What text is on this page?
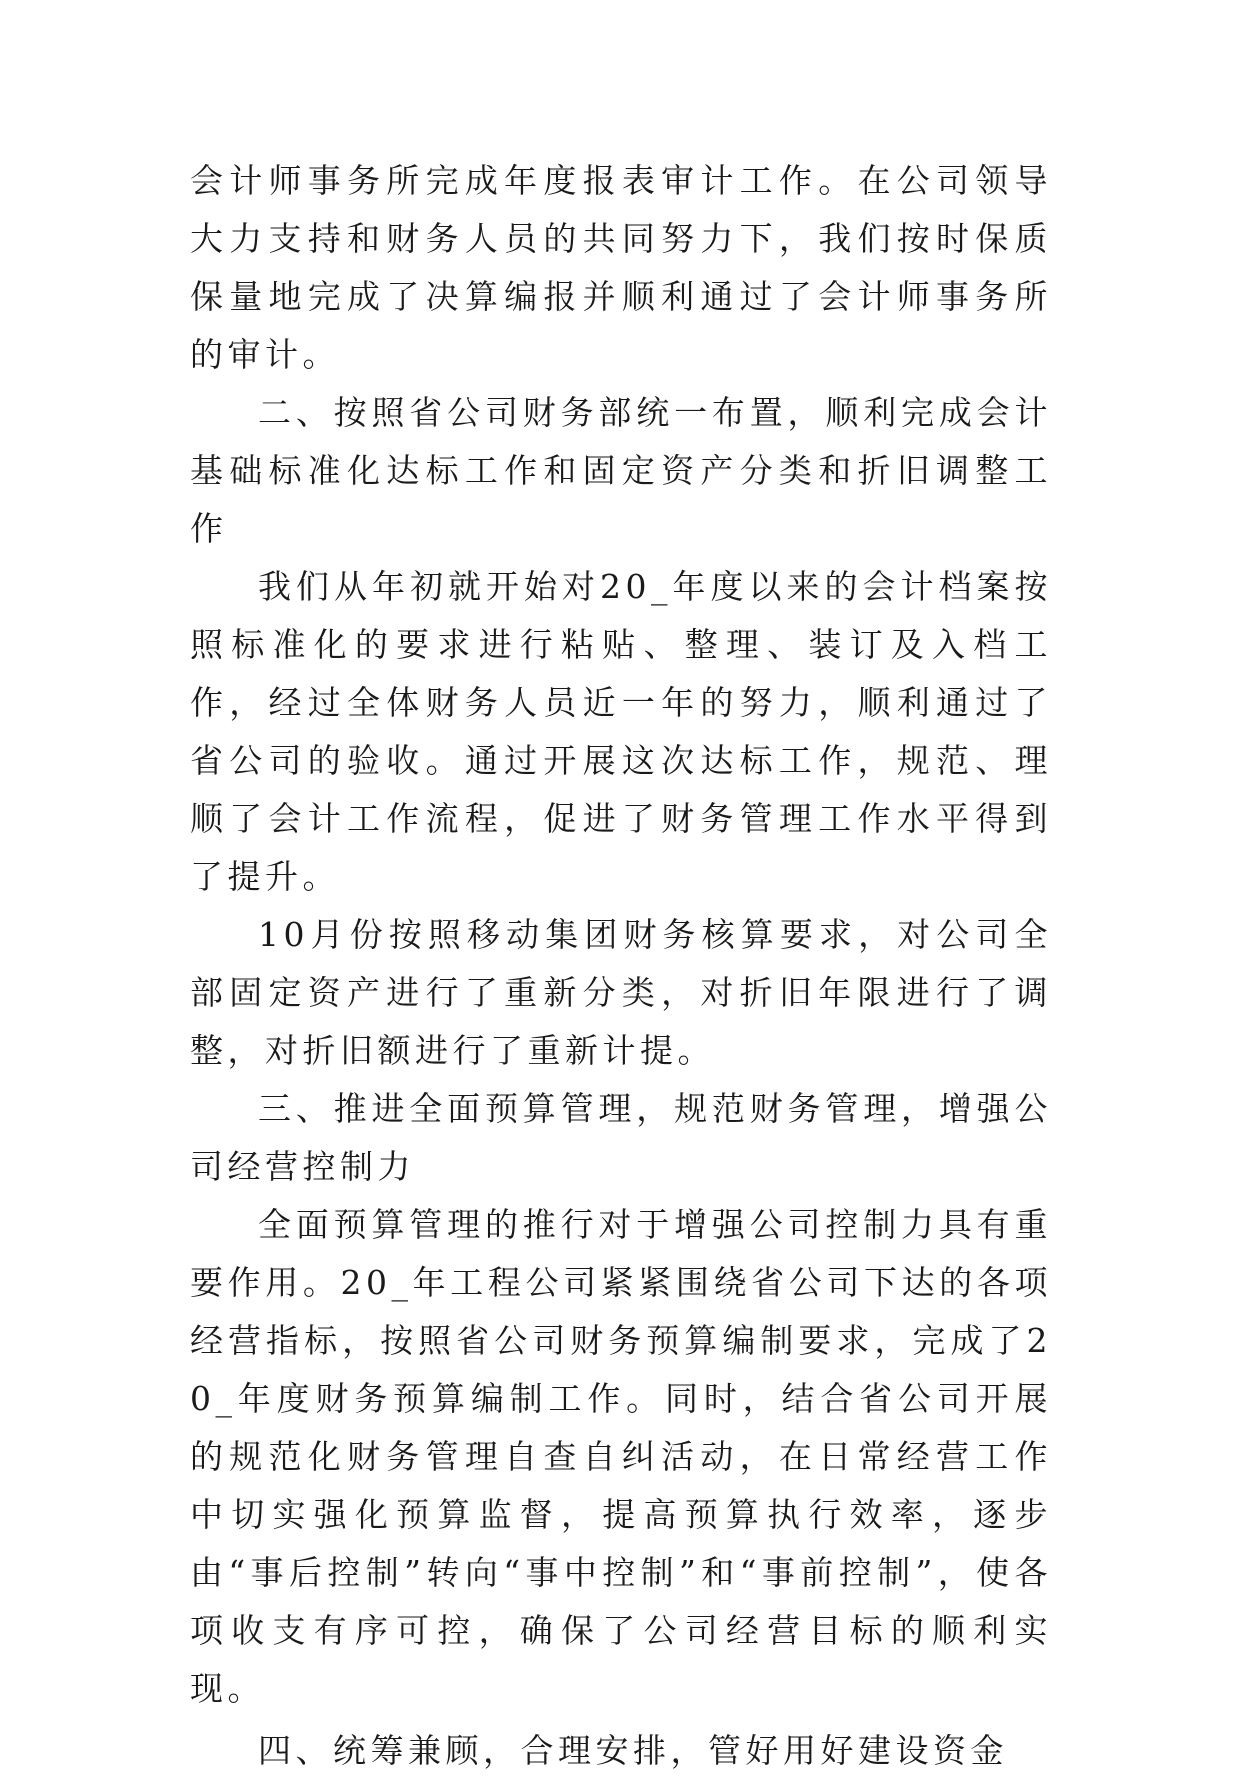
会计师事务所完成年度报表审计工作。在公司领导大力支持和财务人员的共同努力下，我们按时保质保量地完成了决算编报并顺利通过了会计师事务所的审计。

二、按照省公司财务部统一布置，顺利完成会计基础标准化达标工作和固定资产分类和折旧调整工作

我们从年初就开始对20_年度以来的会计档案按照标准化的要求进行粘贴、整理、装订及入档工作，经过全体财务人员近一年的努力，顺利通过了省公司的验收。通过开展这次达标工作，规范、理顺了会计工作流程，促进了财务管理工作水平得到了提升。

10月份按照移动集团财务核算要求，对公司全部固定资产进行了重新分类，对折旧年限进行了调整，对折旧额进行了重新计提。

三、推进全面预算管理，规范财务管理，增强公司经营控制力

全面预算管理的推行对于增强公司控制力具有重要作用。20_年工程公司紧紧围绕省公司下达的各项经营指标，按照省公司财务预算编制要求，完成了20_年度财务预算编制工作。同时，结合省公司开展的规范化财务管理自查自纠活动，在日常经营工作中切实强化预算监督，提高预算执行效率，逐步由“事后控制”转向“事中控制”和“事前控制”，使各项收支有序可控，确保了公司经营目标的顺利实现。

四、统筹兼顾，合理安排，管好用好建设资金
